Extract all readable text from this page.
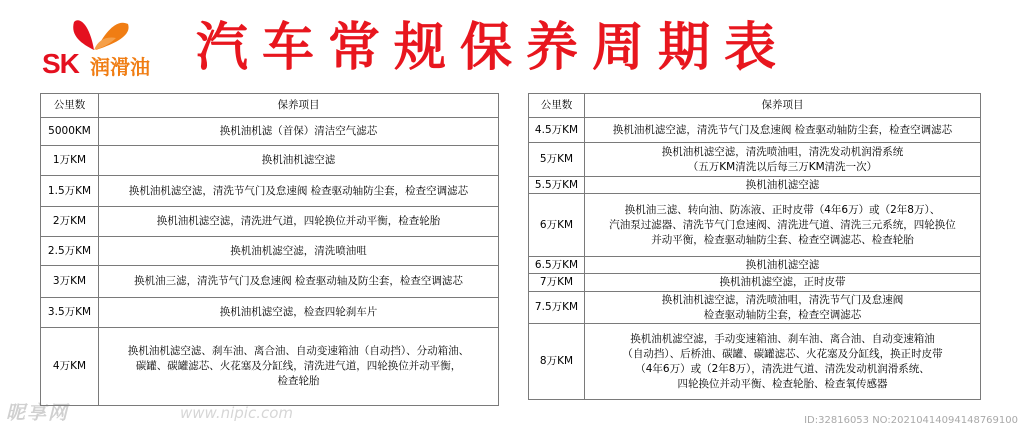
SK 润滑油 汽车常规保养周期表
公里数	保养项目
5000KM	换机油机滤（首保）清洁空气滤芯

1万KM	换机油机滤空滤

1.5万KM	换机油机滤空滤，清洗节气门及怠速阀 检查驱动轴防尘套，检查空调滤芯

2万KM	换机油机滤空滤，清洗进气道，四轮换位并动平衡，检查轮胎

2.5万KM	换机油机滤空滤，清洗喷油咀

3万KM	换机油三滤，清洗节气门及怠速阀 检查驱动轴及防尘套，检查空调滤芯

3.5万KM	换机油机滤空滤，检查四轮刹车片

4万KM	换机油机滤空滤、刹车油、离合油、自动变速箱油（自动挡）、分动箱油、
碳罐、碳罐滤芯、火花塞及分缸线，清洗进气道，四轮换位并动平衡，
检查轮胎
公里数	保养项目
4.5万KM	换机油机滤空滤，清洗节气门及怠速阀 检查驱动轴防尘套，检查空调滤芯

5万KM	换机油机滤空滤，清洗喷油咀，清洗发动机润滑系统
（五万KM清洗以后每三万KM清洗一次）

5.5万KM	换机油机滤空滤

6万KM	换机油三滤、转向油、防冻液、正时皮带（4年6万）或（2年8万）、
汽油泵过滤器、清洗节气门怠速阀、清洗进气道、清洗三元系统，四轮换位
并动平衡，检查驱动轴防尘套、检查空调滤芯、检查轮胎

6.5万KM	换机油机滤空滤

7万KM	换机油机滤空滤，正时皮带

7.5万KM	换机油机滤空滤，清洗喷油咀，清洗节气门及怠速阀
检查驱动轴防尘套，检查空调滤芯

8万KM	换机油机滤空滤，手动变速箱油、刹车油、离合油、自动变速箱油
（自动挡）、后桥油、碳罐、碳罐滤芯、火花塞及分缸线，换正时皮带
（4年6万）或（2年8万），清洗进气道、清洗发动机润滑系统、
四轮换位并动平衡、检查轮胎、检查氧传感器
昵享网	www.nipic.com	ID:32816053 NO:20210414094148769100
